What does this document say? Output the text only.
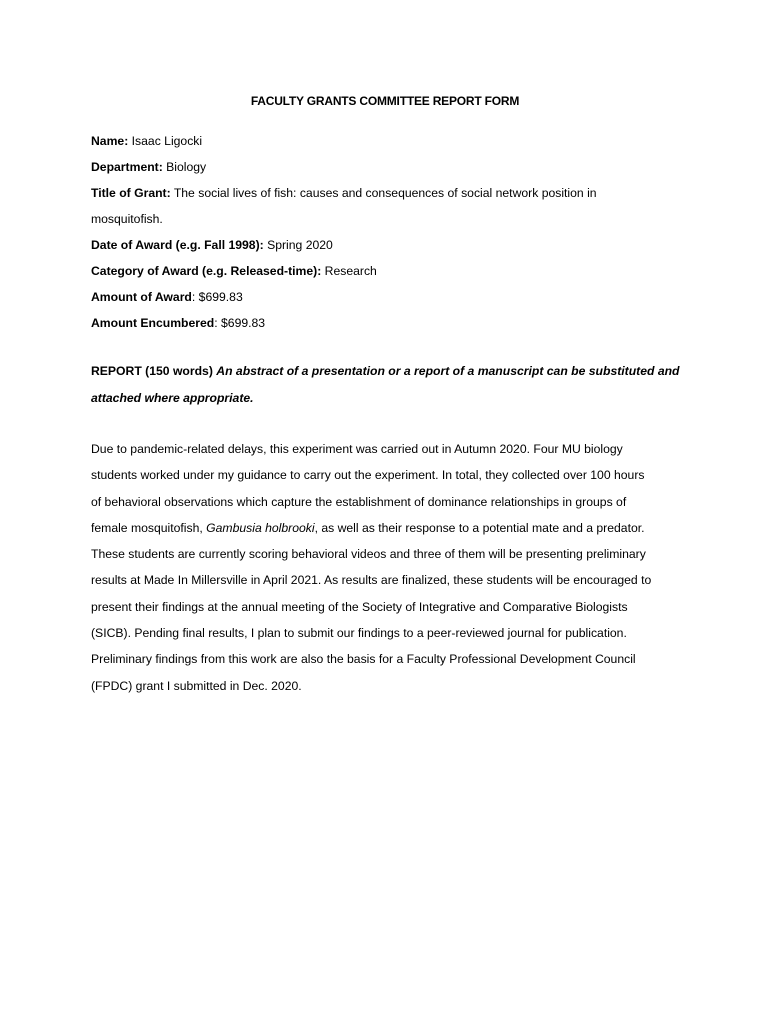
FACULTY GRANTS COMMITTEE REPORT FORM
Name: Isaac Ligocki
Department: Biology
Title of Grant: The social lives of fish: causes and consequences of social network position in
mosquitofish.
Date of Award (e.g. Fall 1998): Spring 2020
Category of Award (e.g. Released-time): Research
Amount of Award: $699.83
Amount Encumbered: $699.83
REPORT (150 words) An abstract of a presentation or a report of a manuscript can be substituted and
attached where appropriate.
Due to pandemic-related delays, this experiment was carried out in Autumn 2020. Four MU biology
students worked under my guidance to carry out the experiment. In total, they collected over 100 hours
of behavioral observations which capture the establishment of dominance relationships in groups of
female mosquitofish, Gambusia holbrooki, as well as their response to a potential mate and a predator.
These students are currently scoring behavioral videos and three of them will be presenting preliminary
results at Made In Millersville in April 2021. As results are finalized, these students will be encouraged to
present their findings at the annual meeting of the Society of Integrative and Comparative Biologists
(SICB). Pending final results, I plan to submit our findings to a peer-reviewed journal for publication.
Preliminary findings from this work are also the basis for a Faculty Professional Development Council
(FPDC) grant I submitted in Dec. 2020.
